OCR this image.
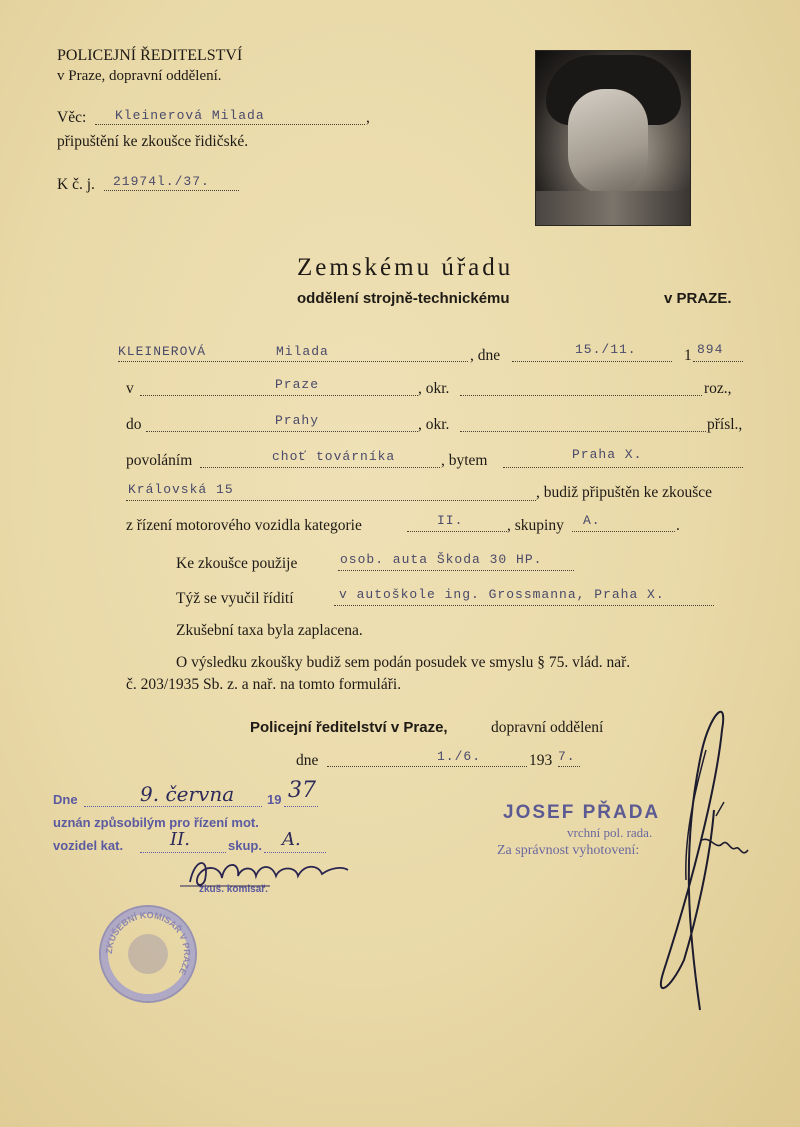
POLICEJNÍ ŘEDITELSTVÍ
v Praze, dopravní oddělení.
Věc: Kleinerová Milada	,
připuštění ke zkoušce řidičské.
K č. j. 21974l./37.
Zemskému úřadu
oddělení strojně-technickému	v PRAZE.
KLEINEROVÁ	Milada	, dne	15./11.	1 894
v	Praze	, okr.	roz.,
do	Prahy	, okr.	přísl.,
povoláním	choť továrníka	, bytem	Praha X.
Královská 15	, budiž připuštěn ke zkoušce
z řízení motorového vozidla kategorie	II.	, skupiny A.	.
Ke zkoušce použije	osob. auta Škoda 30 HP.
Týž se vyučil řídití	v autoškole ing. Grossmanna, Praha X.
Zkušební taxa byla zaplacena.
O výsledku zkoušky budiž sem podán posudek ve smyslu § 75. vlád. nař.
č. 203/1935 Sb. z. a nař. na tomto formuláři.
Policejní ředitelství v Praze,	dopravní oddělení
dne	1./6.	193 7.
Dne	9. června	19 37
uznán způsobilým pro řízení mot.
vozidel kat.	II.	skup. A.
zkuš. komisař.
ZKUŠEBNÍ KOMISAŘ V PRAZE
JOSEF PŘADA
vrchní pol. rada.
Za správnost vyhotovení:
